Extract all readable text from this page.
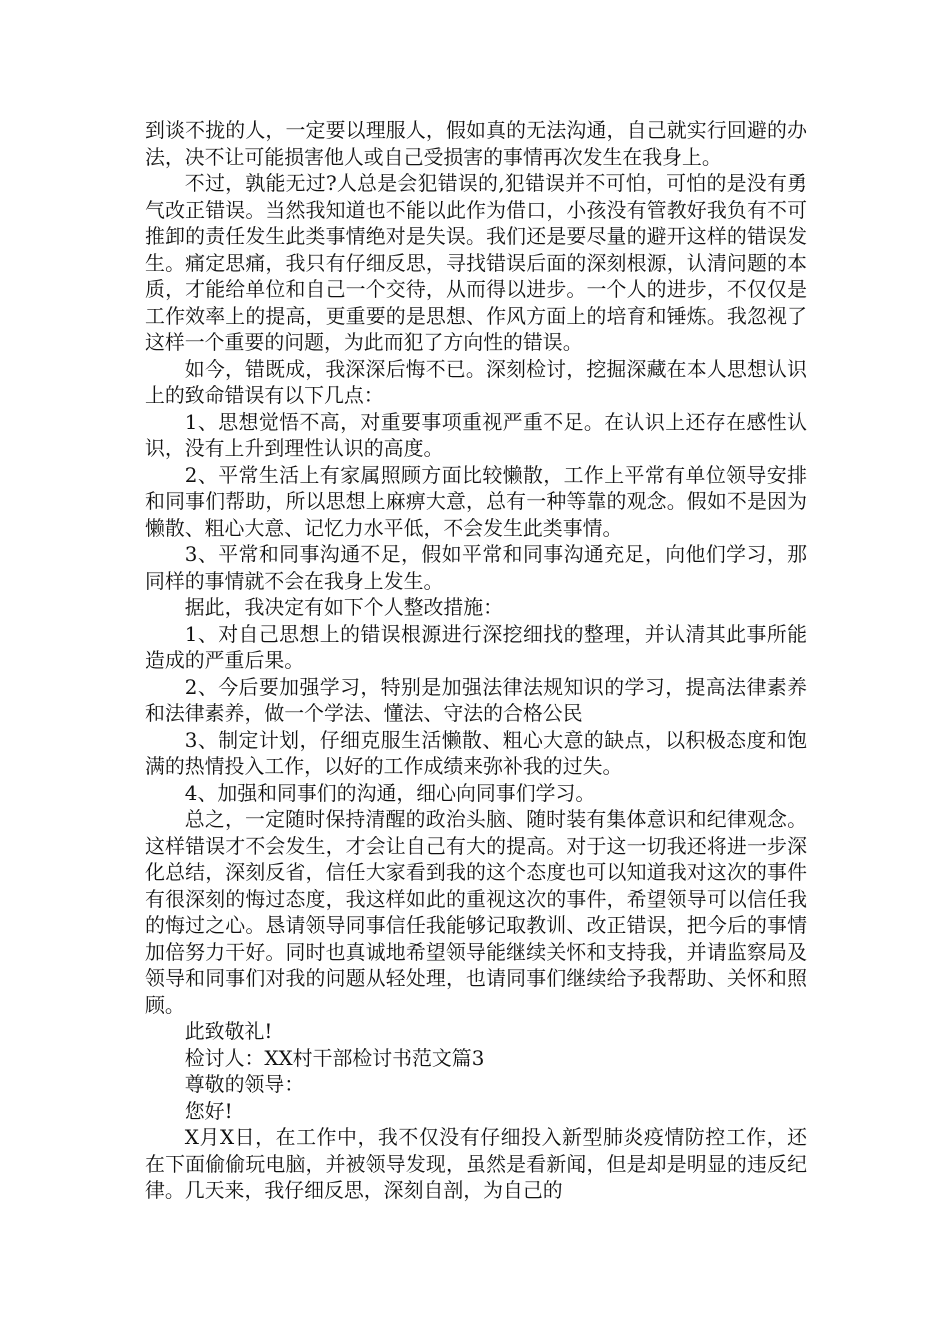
到谈不拢的人，一定要以理服人，假如真的无法沟通，自己就实行回避的办法，决不让可能损害他人或自己受损害的事情再次发生在我身上。

不过，孰能无过?人总是会犯错误的,犯错误并不可怕，可怕的是没有勇气改正错误。当然我知道也不能以此作为借口，小孩没有管教好我负有不可推卸的责任发生此类事情绝对是失误。我们还是要尽量的避开这样的错误发生。痛定思痛，我只有仔细反思，寻找错误后面的深刻根源，认清问题的本质，才能给单位和自己一个交待，从而得以进步。一个人的进步，不仅仅是工作效率上的提高，更重要的是思想、作风方面上的培育和锤炼。我忽视了这样一个重要的问题，为此而犯了方向性的错误。

如今，错既成，我深深后悔不已。深刻检讨，挖掘深藏在本人思想认识上的致命错误有以下几点：

1、思想觉悟不高，对重要事项重视严重不足。在认识上还存在感性认识，没有上升到理性认识的高度。

2、平常生活上有家属照顾方面比较懒散，工作上平常有单位领导安排和同事们帮助，所以思想上麻痹大意，总有一种等靠的观念。假如不是因为懒散、粗心大意、记忆力水平低，不会发生此类事情。

3、平常和同事沟通不足，假如平常和同事沟通充足，向他们学习，那同样的事情就不会在我身上发生。

据此，我决定有如下个人整改措施：

1、对自己思想上的错误根源进行深挖细找的整理，并认清其此事所能造成的严重后果。

2、今后要加强学习，特别是加强法律法规知识的学习，提高法律素养和法律素养，做一个学法、懂法、守法的合格公民

3、制定计划，仔细克服生活懒散、粗心大意的缺点，以积极态度和饱满的热情投入工作，以好的工作成绩来弥补我的过失。

4、加强和同事们的沟通，细心向同事们学习。

总之，一定随时保持清醒的政治头脑、随时装有集体意识和纪律观念。这样错误才不会发生，才会让自己有大的提高。对于这一切我还将进一步深化总结，深刻反省，信任大家看到我的这个态度也可以知道我对这次的事件有很深刻的悔过态度，我这样如此的重视这次的事件，希望领导可以信任我的悔过之心。恳请领导同事信任我能够记取教训、改正错误，把今后的事情加倍努力干好。同时也真诚地希望领导能继续关怀和支持我，并请监察局及领导和同事们对我的问题从轻处理，也请同事们继续给予我帮助、关怀和照顾。

此致敬礼!

检讨人：XX村干部检讨书范文篇3

尊敬的领导：

您好!

X月X日，在工作中，我不仅没有仔细投入新型肺炎疫情防控工作，还在下面偷偷玩电脑，并被领导发现，虽然是看新闻，但是却是明显的违反纪律。几天来，我仔细反思，深刻自剖，为自己的
